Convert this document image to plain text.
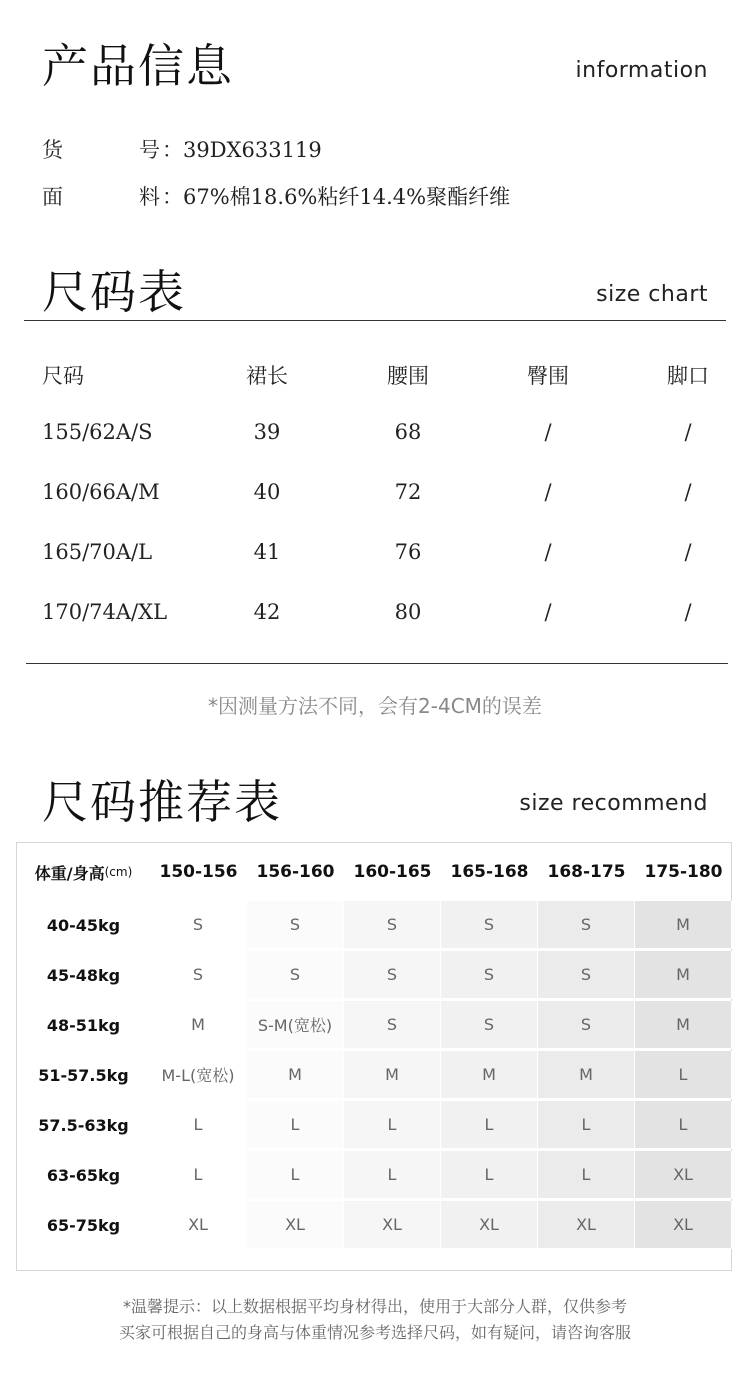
产品信息	information
货	号 ：39DX633119
面	料 ：67%棉18.6%粘纤14.4%聚酯纤维
尺码表	size chart
尺码	裙长	腰围	臀围	脚口
155/62A/S	39	68	/	/
160/66A/M	40	72	/	/
165/70A/L	41	76	/	/
170/74A/XL	42	80	/	/
*因测量方法不同，会有2-4CM的误差
尺码推荐表	size recommend
体重/身高 (cm)	150-156	156-160	160-165	165-168	168-175	175-180
40-45kg	S	S	S	S	S	M
45-48kg	S	S	S	S	S	M
48-51kg	M	S-M(宽松)	S	S	S	M
51-57.5kg	M-L(宽松)	M	M	M	M	L
57.5-63kg	L	L	L	L	L	L
63-65kg	L	L	L	L	L	XL
65-75kg	XL	XL	XL	XL	XL	XL
*温馨提示：以上数据根据平均身材得出，使用于大部分人群，仅供参考
买家可根据自己的身高与体重情况参考选择尺码，如有疑问，请咨询客服
